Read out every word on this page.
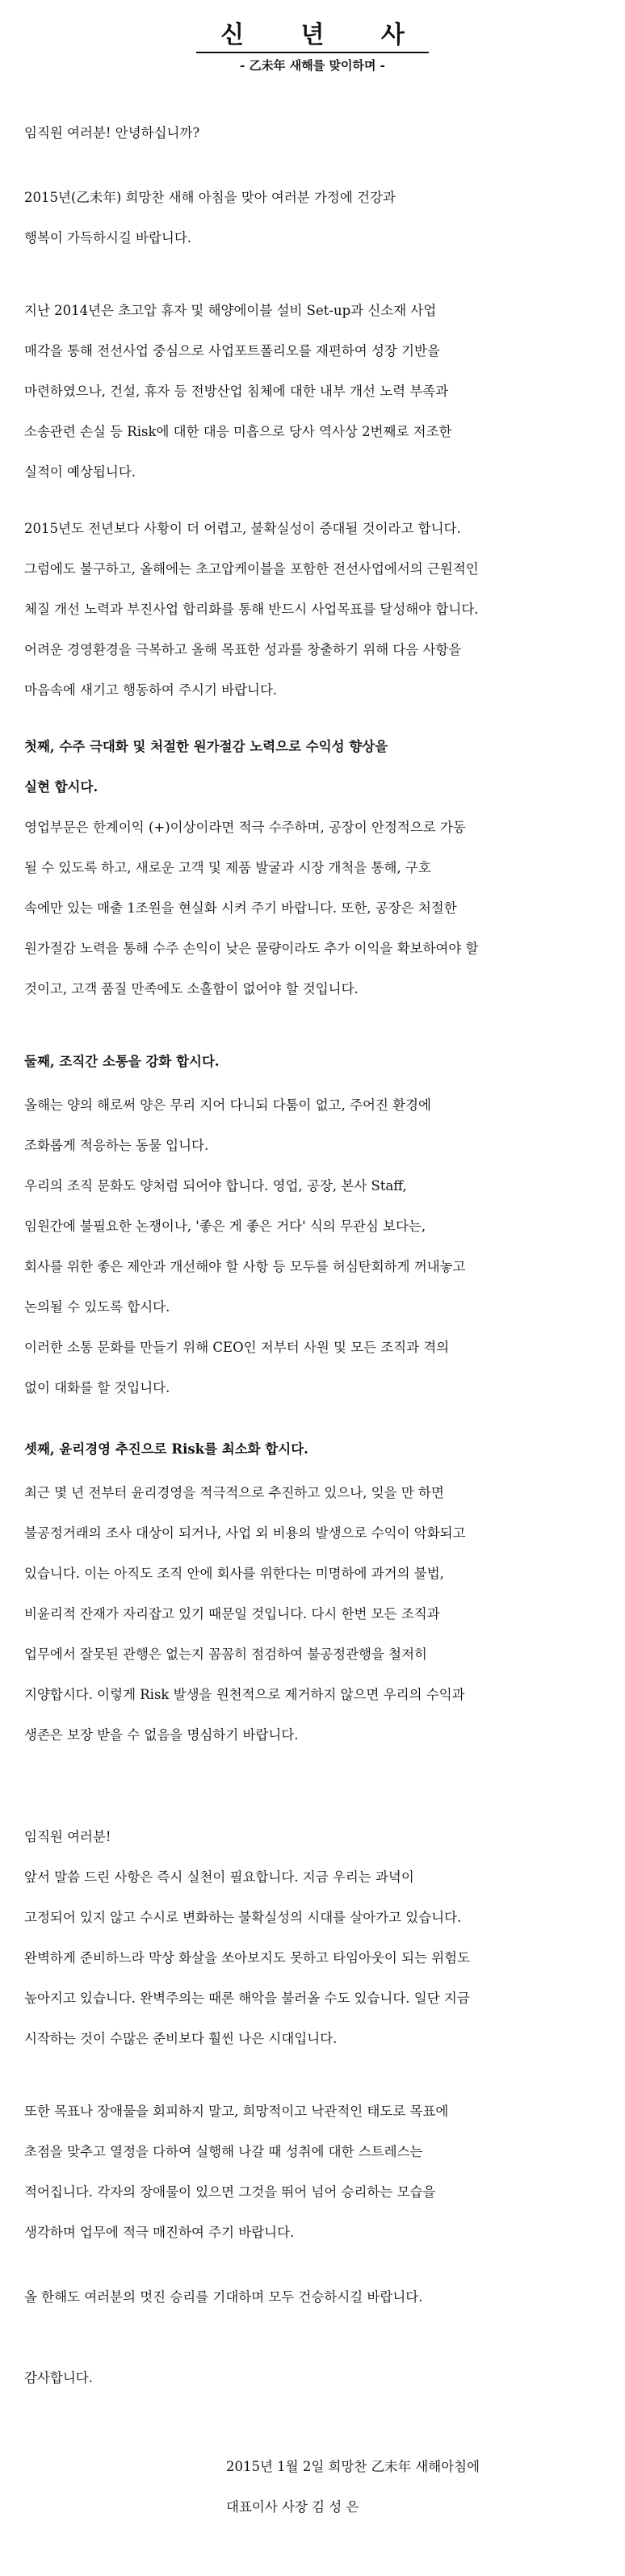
신 년 사

- 乙未年 새해를 맞이하며 -

임직원 여러분! 안녕하십니까?

2015년(乙未年) 희망찬 새해 아침을 맞아 여러분 가정에 건강과
행복이 가득하시길 바랍니다.

지난 2014년은 초고압 휴자 및 해양에이블 설비 Set-up과 신소재 사업
매각을 통해 전선사업 중심으로 사업포트폴리오를 재편하여 성장 기반을
마련하였으나, 건설, 휴자 등 전방산업 침체에 대한 내부 개선 노력 부족과
소송관련 손실 등 Risk에 대한 대응 미흡으로 당사 역사상 2번째로 저조한
실적이 예상됩니다.

2015년도 전년보다 사황이 더 어렵고, 불확실성이 증대될 것이라고 합니다.
그럼에도 불구하고, 올해에는 초고압케이블을 포함한 전선사업에서의 근원적인
체질 개선 노력과 부진사업 합리화를 통해 반드시 사업목표를 달성해야 합니다.
어려운 경영환경을 극복하고 올해 목표한 성과를 창출하기 위해 다음 사항을
마음속에 새기고 행동하여 주시기 바랍니다.

첫째, 수주 극대화 및 처절한 원가절감 노력으로 수익성 향상을
실현 합시다.

영업부문은 한계이익 (+)이상이라면 적극 수주하며, 공장이 안정적으로 가동
될 수 있도록 하고, 새로운 고객 및 제품 발굴과 시장 개척을 통해, 구호
속에만 있는 매출 1조원을 현실화 시켜 주기 바랍니다. 또한, 공장은 처절한
원가절감 노력을 통해 수주 손익이 낮은 물량이라도 추가 이익을 확보하여야 할
것이고, 고객 품질 만족에도 소홀함이 없어야 할 것입니다.

둘째, 조직간 소통을 강화 합시다.

올해는 양의 해로써 양은 무리 지어 다니되 다툼이 없고, 주어진 환경에
조화롭게 적응하는 동물 입니다.
우리의 조직 문화도 양처럼 되어야 합니다. 영업, 공장, 본사 Staff,
임원간에 불필요한 논쟁이나, '좋은 게 좋은 거다' 식의 무관심 보다는,
회사를 위한 좋은 제안과 개선해야 할 사항 등 모두를 허심탄회하게 꺼내놓고
논의될 수 있도록 합시다.
이러한 소통 문화를 만들기 위해 CEO인 저부터 사원 및 모든 조직과 격의
없이 대화를 할 것입니다.

셋째, 윤리경영 추진으로 Risk를 최소화 합시다.

최근 몇 년 전부터 윤리경영을 적극적으로 추진하고 있으나, 잊을 만 하면
불공정거래의 조사 대상이 되거나, 사업 외 비용의 발생으로 수익이 악화되고
있습니다. 이는 아직도 조직 안에 회사를 위한다는 미명하에 과거의 불법,
비윤리적 잔재가 자리잡고 있기 때문일 것입니다. 다시 한번 모든 조직과
업무에서 잘못된 관행은 없는지 꼼꼼히 점검하여 불공정관행을 철저히
지양합시다. 이렇게 Risk 발생을 원천적으로 제거하지 않으면 우리의 수익과
생존은 보장 받을 수 없음을 명심하기 바랍니다.

임직원 여러분!
앞서 말씀 드린 사항은 즉시 실천이 필요합니다. 지금 우리는 과녁이
고정되어 있지 않고 수시로 변화하는 불확실성의 시대를 살아가고 있습니다.
완벽하게 준비하느라 막상 화살을 쏘아보지도 못하고 타임아웃이 되는 위험도
높아지고 있습니다. 완벽주의는 때론 해악을 불러올 수도 있습니다. 일단 지금
시작하는 것이 수많은 준비보다 훨씬 나은 시대입니다.

또한 목표나 장애물을 회피하지 말고, 희망적이고 낙관적인 태도로 목표에
초점을 맞추고 열정을 다하여 실행해 나갈 때 성취에 대한 스트레스는
적어집니다. 각자의 장애물이 있으면 그것을 뛰어 넘어 승리하는 모습을
생각하며 업무에 적극 매진하여 주기 바랍니다.

올 한해도 여러분의 멋진 승리를 기대하며 모두 건승하시길 바랍니다.

감사합니다.

2015년 1월 2일 희망찬 乙未年 새해아침에
대표이사 사장 김 성 은
